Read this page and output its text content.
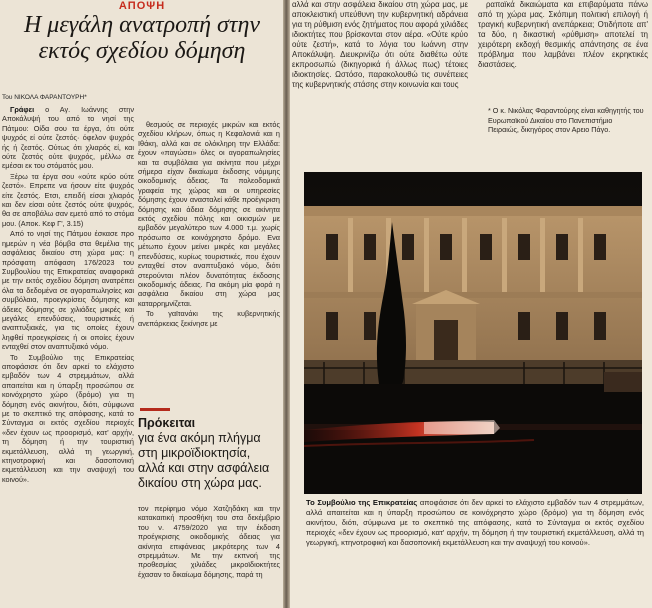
ΑΠΟΨΗ
Η μεγάλη ανατροπή στην εκτός σχεδίου δόμηση
Του ΝΙΚΟΛΑ ΦΑΡΑΝΤΟΥΡΗ*

Γράφει ο Αγ. Ιωάννης στην Αποκάλυψή του από το νησί της Πάτμου: Οίδα σου τα έργα, ότι ούτε ψυχρός εί ούτε ζεστός· όφελον ψυχρός ής ή ζεστός. Ούτως ότι χλιαρός εί, και ούτε ζεστός ούτε ψυχρός, μέλλω σε εμέσαι εκ του στόματός μου.

Ξέρω τα έργα σου «ούτε κρύο ούτε ζεστό». Επρεπε να ήσουν είτε ψυχρός είτε ζεστός. Ετσι, επειδή είσαι χλιαρός και δεν είσαι ούτε ζεστός ούτε ψυχρός, θα σε αποβάλω σαν εμετό από το στόμα μου. (Αποκ. Κεφ Γ', 3.15)

Από το νησί της Πάτμου έσκασε προ ημερών η νέα βόμβα στα θεμέλια της ασφάλειας δικαίου στη χώρα μας: η πρόσφατη απόφαση 176/2023 του Συμβουλίου της Επικρατείας αναφορικά με την εκτός σχεδίου δόμηση ανατρέπει όλα τα δεδομένα σε αγοραπωλησίες και συμβόλαια, προεγκρίσεις δόμησης και άδειες δόμησης σε χιλιάδες μικρές και μεγάλες επενδύσεις, τουριστικές ή αναπτυξιακές, για τις οποίες έχουν ληφθεί προεγκρίσεις ή οι οποίες έχουν ενταχθεί στον αναπτυξιακό νόμο.

Το Συμβούλιο της Επικρατείας αποφάσισε ότι δεν αρκεί το ελάχιστο εμβαδόν των 4 στρεμμάτων, αλλά απαιτείται και η ύπαρξη προσώπου σε κοινόχρηστο χώρο (δρόμο) για τη δόμηση ενός ακινήτου, διότι, σύμφωνα με το σκεπτικό της απόφασης, κατά το Σύνταγμα οι εκτός σχεδίου περιοχές «δεν έχουν ως προορισμό, κατ' αρχήν, τη δόμηση ή την τουριστική εκμετάλλευση, αλλά τη γεωργική, κτηνοτροφική και δασοπονική εκμετάλλευση και την αναψυχή του κοινού».

θεσμούς σε περιοχές μικρών και εκτός σχεδίου κλήρων, όπως η Κεφαλονιά και η Ιθάκη, αλλά και σε ολόκληρη την Ελλάδα: έχουν «παγώσει» όλες οι αγοραπωλησίες και τα συμβόλαια για ακίνητα που μέχρι σήμερα είχαν δικαίωμα έκδοσης νόμιμης οικοδομικής άδειας. Τα πολεοδομικά γραφεία της χώρας και οι υπηρεσίες δόμησης έχουν ανασταλεί κάθε προέγκριση δόμησης και άδεια δόμησης σε ακίνητα εκτός σχεδίου πόλης και οικισμών με εμβαδόν μεγαλύτερο των 4.000 τ.μ. χωρίς πρόσωπο σε κοινόχρηστο δρόμο. Ενα μέτωπο έχουν μείνει μικρές και μεγάλες επενδύσεις, κυρίως τουριστικές, που έχουν ενταχθεί στον αναπτυξιακό νόμο, διότι στερούνται πλέον δυνατότητας έκδοσης οικοδομικής άδειας. Για ακόμη μία φορά η ασφάλεια δικαίου στη χώρα μας καταρρημνίζεται.

Το γαϊτανάκι της κυβερνητικής ανεπάρκειας ξεκίνησε με

Πρόκειται
για ένα ακόμη πλήγμα στη μικροϊδιοκτησία, αλλά και στην ασφάλεια δικαίου στη χώρα μας.

τον περίφημο νόμο Χατζηδάκη και την κατακαιτική προσθήκη του στα δεκέμβριο του ν. 4759/2020 για την έκδοση προέγκρισης οικοδομικής άδειας για ακίνητα επιφάνειας μικρότερης των 4 στρεμμάτων. Με την εκπνοή της προθεσμίας χιλιάδες μικροϊδιοκτήτες έχασαν το δικαίωμα δόμησης, παρά τη

αλλά και στην ασφάλεια δικαίου στη χώρα μας, με αποκλειστική υπεύθυνη την κυβερνητική αδράνεια για τη ρύθμιση ενός ζητήματος που αφορά χιλιάδες ιδιοκτήτες που βρίσκονται στον αέρα. «Ούτε κρύο ούτε ζεστή», κατά το λόγια του Ιωάννη στην Αποκάλυψη. Διευκρινίζω ότι ούτε διαθέτω ούτε εκπροσωπώ (δικηγορικά ή άλλως πως) τέτοιες ιδιοκτησίες. Ωστόσο, παρακολουθώ τις συνέπειες της κυβερνητικής στάσης στην κοινωνία και τους

ραπαϊκά δικαιώματα και επιβαρύματα πάνω από τη χώρα μας. Σκόπιμη πολιτική επιλογή ή τραγική κυβερνητική ανεπάρκεια; Οτιδήποτε απ' τα δύο, η δικαστική «ρύθμιση» αποτελεί τη χειρότερη εκδοχή θεσμικής απάντησης σε ένα πρόβλημα που λαμβάνει πλέον εκρηκτικές διαστάσεις.

* Ο κ. Νικόλας Φαραντούρης είναι καθηγητής του Ευρωπαϊκού Δικαίου στο Πανεπιστήμιο Πειραιώς, δικηγόρος στον Αρειο Πάγο.
Το Συμβούλιο της Επικρατείας αποφάσισε ότι δεν αρκεί το ελάχιστο εμβαδόν των 4 στρεμμάτων, αλλά απαιτείται και η ύπαρξη προσώπου σε κοινόχρηστο χώρο (δρόμο) για τη δόμηση ενός ακινήτου, διότι, σύμφωνα με το σκεπτικό της απόφασης, κατά το Σύνταγμα οι εκτός σχεδίου περιοχές «δεν έχουν ως προορισμό, κατ' αρχήν, τη δόμηση ή την τουριστική εκμετάλλευση, αλλά τη γεωργική, κτηνοτροφική και δασοπονική εκμετάλλευση και την αναψυχή του κοινού».
